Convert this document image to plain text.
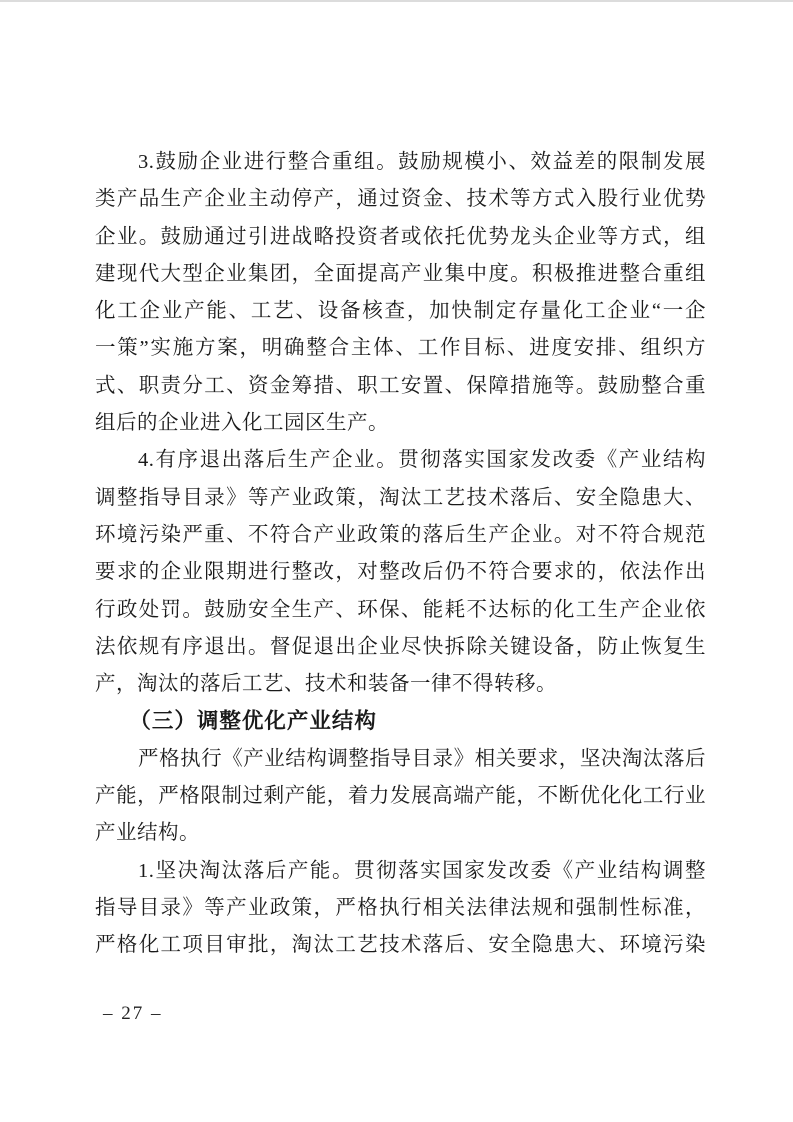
3.鼓励企业进行整合重组。鼓励规模小、效益差的限制发展
类产品生产企业主动停产，通过资金、技术等方式入股行业优势
企业。鼓励通过引进战略投资者或依托优势龙头企业等方式，组
建现代大型企业集团，全面提高产业集中度。积极推进整合重组
化工企业产能、工艺、设备核查，加快制定存量化工企业“一企
一策”实施方案，明确整合主体、工作目标、进度安排、组织方
式、职责分工、资金筹措、职工安置、保障措施等。鼓励整合重
组后的企业进入化工园区生产。
4.有序退出落后生产企业。贯彻落实国家发改委《产业结构
调整指导目录》等产业政策，淘汰工艺技术落后、安全隐患大、
环境污染严重、不符合产业政策的落后生产企业。对不符合规范
要求的企业限期进行整改，对整改后仍不符合要求的，依法作出
行政处罚。鼓励安全生产、环保、能耗不达标的化工生产企业依
法依规有序退出。督促退出企业尽快拆除关键设备，防止恢复生
产，淘汰的落后工艺、技术和装备一律不得转移。
（三）调整优化产业结构
严格执行《产业结构调整指导目录》相关要求，坚决淘汰落后
产能，严格限制过剩产能，着力发展高端产能，不断优化化工行业
产业结构。
1.坚决淘汰落后产能。贯彻落实国家发改委《产业结构调整
指导目录》等产业政策，严格执行相关法律法规和强制性标准，
严格化工项目审批，淘汰工艺技术落后、安全隐患大、环境污染
– 27 –
